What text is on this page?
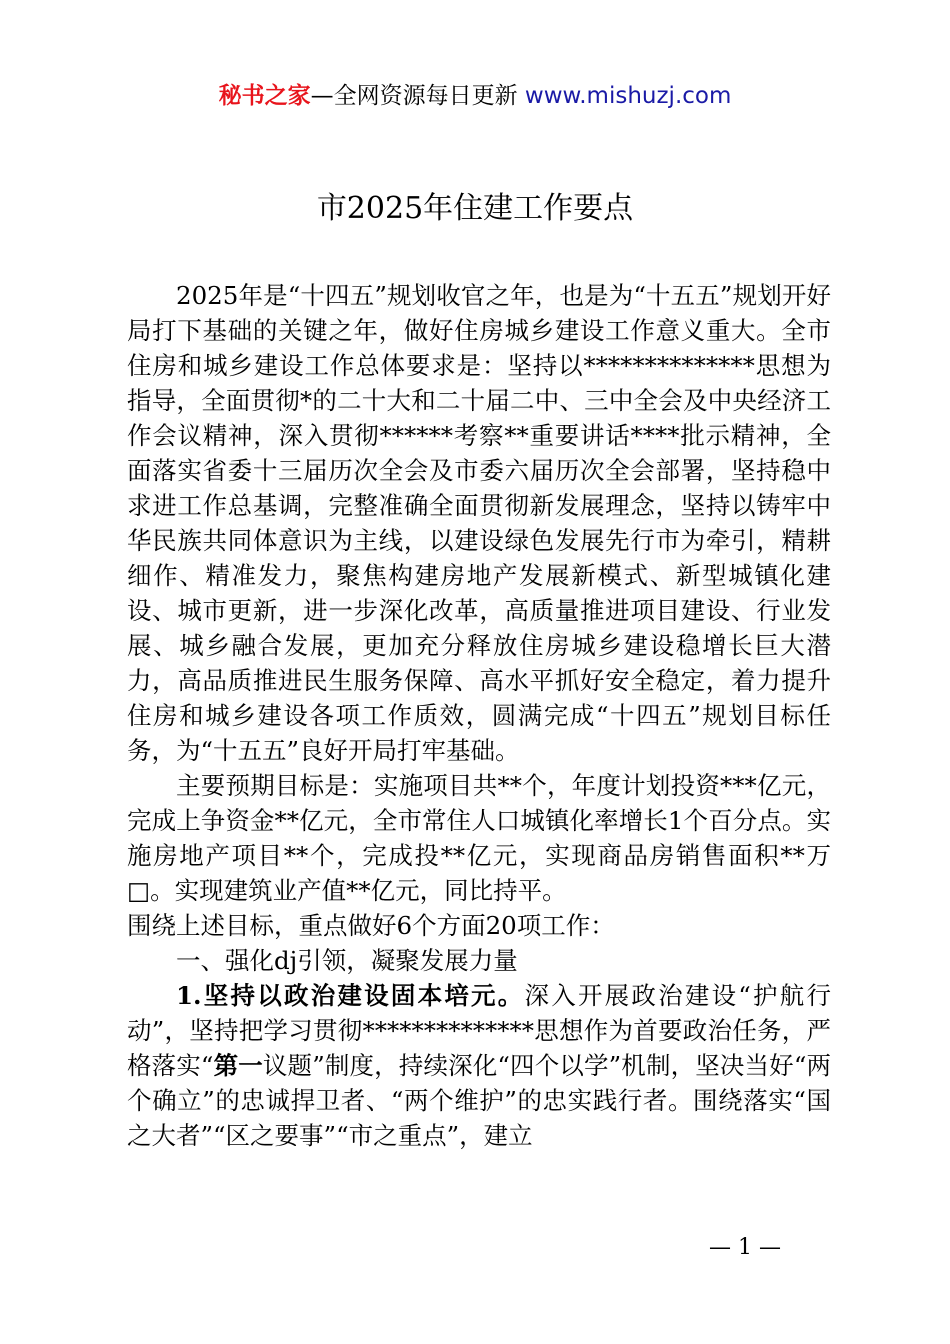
秘书之家—全网资源每日更新 www.mishuzj.com
市2025年住建工作要点

2025年是“十四五”规划收官之年，也是为“十五五”规划开好局打下基础的关键之年，做好住房城乡建设工作意义重大。全市住房和城乡建设工作总体要求是：坚持以**************思想为指导，全面贯彻*的二十大和二十届二中、三中全会及中央经济工作会议精神，深入贯彻******考察**重要讲话****批示精神，全面落实省委十三届历次全会及市委六届历次全会部署，坚持稳中求进工作总基调，完整准确全面贯彻新发展理念，坚持以铸牢中华民族共同体意识为主线，以建设绿色发展先行市为牵引，精耕细作、精准发力，聚焦构建房地产发展新模式、新型城镇化建设、城市更新，进一步深化改革，高质量推进项目建设、行业发展、城乡融合发展，更加充分释放住房城乡建设稳增长巨大潜力，高品质推进民生服务保障、高水平抓好安全稳定，着力提升住房和城乡建设各项工作质效，圆满完成“十四五”规划目标任务，为“十五五”良好开局打牢基础。

主要预期目标是：实施项目共**个，年度计划投资***亿元，完成上争资金**亿元，全市常住人口城镇化率增长1个百分点。实施房地产项目**个，完成投**亿元，实现商品房销售面积**万□。实现建筑业产值**亿元，同比持平。

围绕上述目标，重点做好6个方面20项工作：

一、强化dj引领，凝聚发展力量

1.坚持以政治建设固本培元。深入开展政治建设“护航行动”，坚持把学习贯彻**************思想作为首要政治任务，严格落实“第一议题”制度，持续深化“四个以学”机制，坚决当好“两个确立”的忠诚捍卫者、“两个维护”的忠实践行者。围绕落实“国之大者”“区之要事”“市之重点”，建立

— 1 —
